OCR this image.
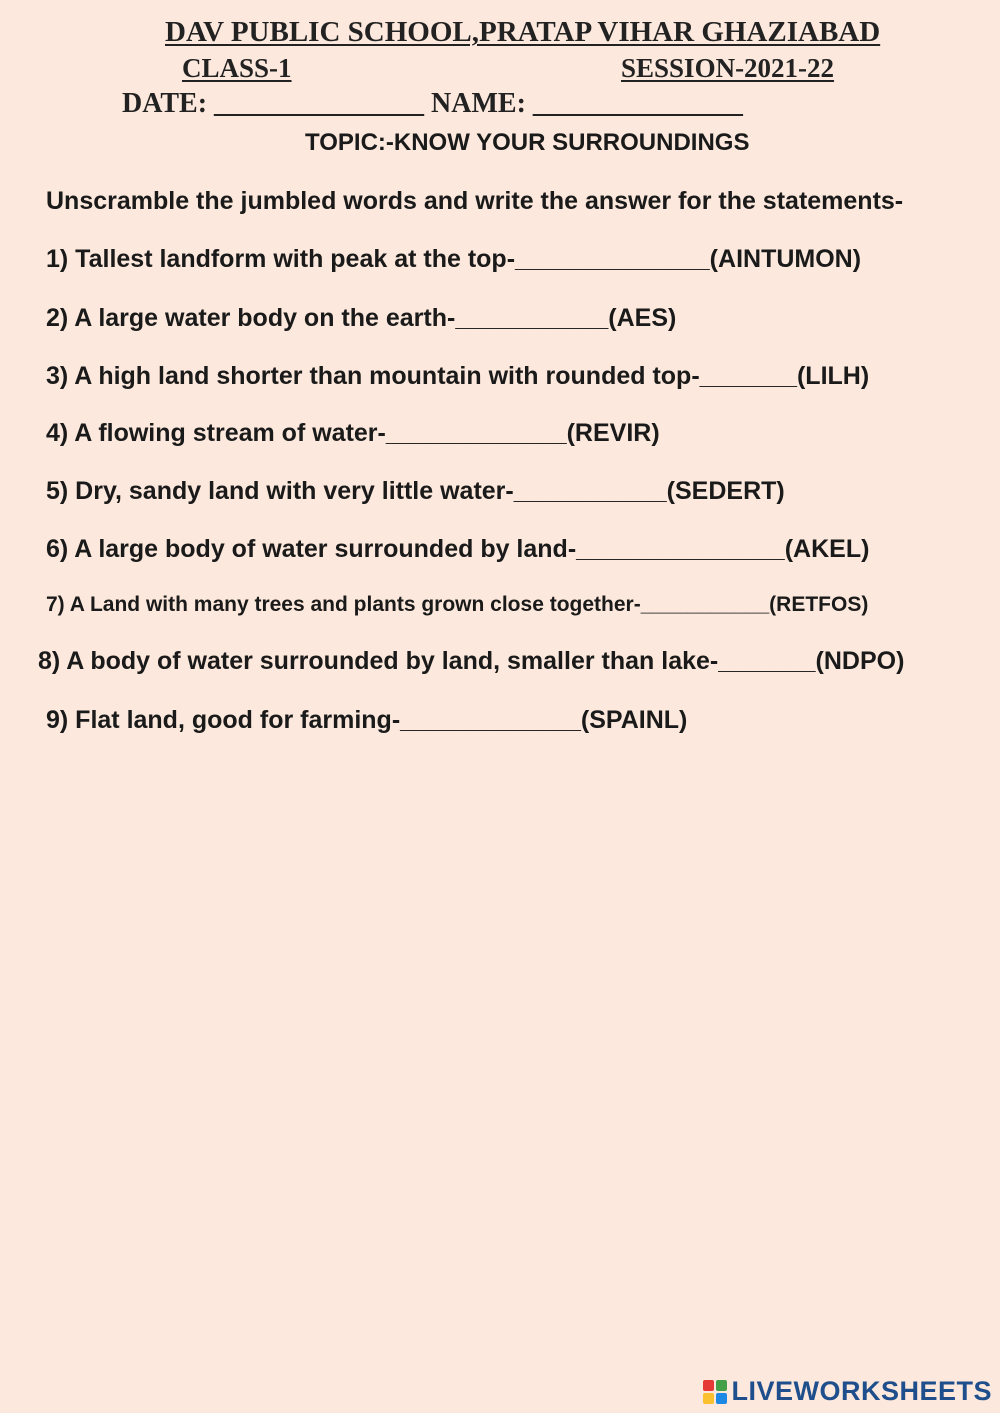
DAV PUBLIC SCHOOL,PRATAP VIHAR GHAZIABAD
CLASS-1	SESSION-2021-22
DATE: _______________ NAME: _______________
TOPIC:-KNOW YOUR SURROUNDINGS
Unscramble the jumbled words and write the answer for the statements-
1) Tallest landform with peak at the top-______________(AINTUMON)
2) A large water body on the earth-___________(AES)
3) A high land shorter than mountain with rounded top-_______(LILH)
4) A flowing stream of water-_____________(REVIR)
5) Dry, sandy land with very little water-___________(SEDERT)
6) A large body of water surrounded by land-_______________(AKEL)
7) A Land with many trees and plants grown close together-___________(RETFOS)
8) A body of water surrounded by land, smaller than lake-_______(NDPO)
9) Flat land, good for farming-_____________(SPAINL)
LIVEWORKSHEETS
